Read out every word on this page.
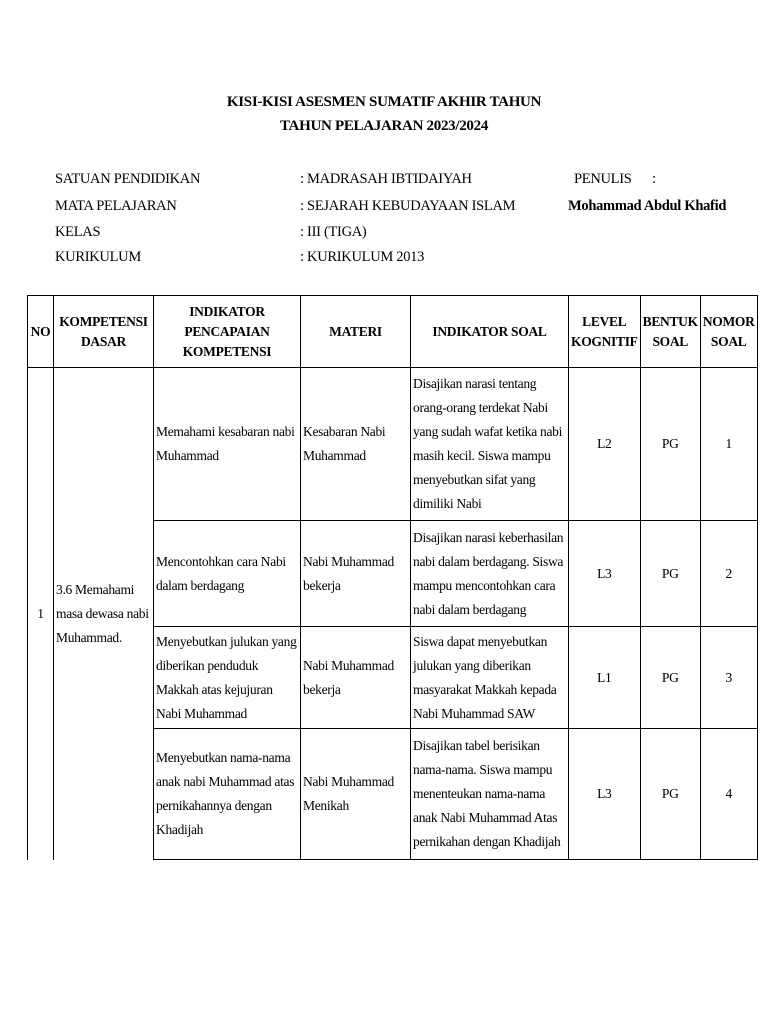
KISI-KISI ASESMEN SUMATIF AKHIR TAHUN
TAHUN PELAJARAN 2023/2024
SATUAN PENDIDIKAN	: MADRASAH IBTIDAIYAH
MATA PELAJARAN	: SEJARAH KEBUDAYAAN ISLAM
KELAS	: III (TIGA)
KURIKULUM	: KURIKULUM 2013
PENULIS :
Mohammad Abdul Khafid
NO	KOMPETENSI DASAR	INDIKATOR PENCAPAIAN KOMPETENSI	MATERI	INDIKATOR SOAL	LEVEL KOGNITIF	BENTUK SOAL	NOMOR SOAL
1	3.6 Memahami masa dewasa nabi Muhammad.	Memahami kesabaran nabi Muhammad	Kesabaran Nabi Muhammad	Disajikan narasi tentang orang-orang terdekat Nabi yang sudah wafat ketika nabi masih kecil. Siswa mampu menyebutkan sifat yang dimiliki Nabi	L2	PG	1
		Mencontohkan cara Nabi dalam berdagang	Nabi Muhammad bekerja	Disajikan narasi keberhasilan nabi dalam berdagang. Siswa mampu mencontohkan cara nabi dalam berdagang	L3	PG	2
		Menyebutkan julukan yang diberikan penduduk Makkah atas kejujuran Nabi Muhammad	Nabi Muhammad bekerja	Siswa dapat menyebutkan julukan yang diberikan masyarakat Makkah kepada Nabi Muhammad SAW	L1	PG	3
		Menyebutkan nama-nama anak nabi Muhammad atas pernikahannya dengan Khadijah	Nabi Muhammad Menikah	Disajikan tabel berisikan nama-nama. Siswa mampu menenteukan nama-nama anak Nabi Muhammad Atas pernikahan dengan Khadijah	L3	PG	4
